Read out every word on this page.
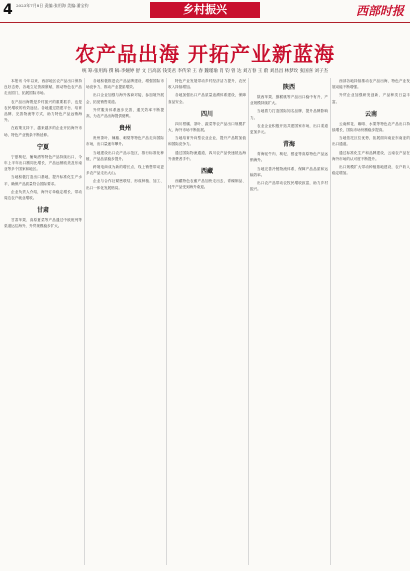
4 2023年7月8日 责编:张用海 美编:潘宝钧	乡村振兴	西部时报
农产品出海 开拓产业新蓝海
统 筹:张用海 撰 稿:李婉婷 舒 文 吕高富 钱雯君 李传荣 王 春 魏瑾瑜 肖 钧 曾 达 刘万春 王 蔚 刘昌昌 林梦玫 张国喜 刘子杰

本报讯 今年以来，西部地区农产品出口保持良好态势，各地立足资源禀赋，推动特色农产品走出国门，拓展国际市场。

农产品出海既是乡村振兴的重要抓手，也是农民增收的有效途径。各地通过搭建平台、培育品牌、完善物流等方式，助力特色产品远销海外。

在政策支持下，越来越多的企业开拓海外市场，特色产业链条不断延伸。

宁夏

宁夏枸杞、葡萄酒等特色产品持续出口，今年上半年出口额同比增长，产品远销欧美及东南亚等多个国家和地区。

当地积极打造出口基地，提升标准化生产水平，确保产品质量符合国际要求。

企业负责人介绍，海外订单稳定增长，带动周边农户就业增收。

甘肃

甘肃苹果、高原夏菜等产品通过中欧班列等渠道运往海外，外贸规模稳步扩大。

各地积极推进农产品品牌建设，增强国际市场竞争力，推动产业提质增效。

出口企业加强与海外客商对接，参加境外展会，拓宽销售渠道。

外贸服务体系逐步完善，通关效率不断提高，为农产品出海提供便利。

贵州

贵州茶叶、辣椒、刺梨等特色产品走向国际市场，出口量逐年攀升。

当地建设出口农产品示范区，推行标准化种植，产品品质稳步提升。

跨境电商成为新的增长点，线上销售带动更多农产品走出大山。

企业与合作社紧密联结，形成种植、加工、出口一体化发展格局。

特色产业发展带动乡村经济活力提升，农民收入持续增加。

各地加强出口产品质量追溯体系建设，保障食品安全。

四川

四川柑橘、茶叶、蔬菜等农产品出口规模扩大，海外市场不断拓展。

当地培育外向型农业企业，提升产品附加值和国际竞争力。

通过国际物流通道，四川农产品快速抵达海外消费者手中。

西藏

西藏特色农畜产品加快走出去，青稞制品、牦牛产品受到海外欢迎。

陕西

陕西苹果、猕猴桃等产品出口稳中有升，产业规模持续扩大。

当地着力打造国际知名品牌，提升品牌影响力。

农业企业积极开拓共建国家市场，出口渠道更加多元。

青海

青海牦牛肉、枸杞、藜麦等高原特色产品远销海外。

当地完善冷链物流体系，保障产品品质和运输效率。

出口农产品带动农牧民增收致富，助力乡村振兴。

西部各地持续推动农产品出海，特色产业发展动能不断增强。

外贸企业加强研发创新，产品种类日益丰富。

云南

云南鲜花、咖啡、水果等特色农产品出口持续增长，国际市场份额稳步提高。

当地依托区位优势，拓展面向南亚东南亚的出口通道。

通过标准化生产和品牌建设，云南农产品在海外市场的认可度不断提升。

出口规模扩大带动种植基地建设，农户收入稳定增加。
